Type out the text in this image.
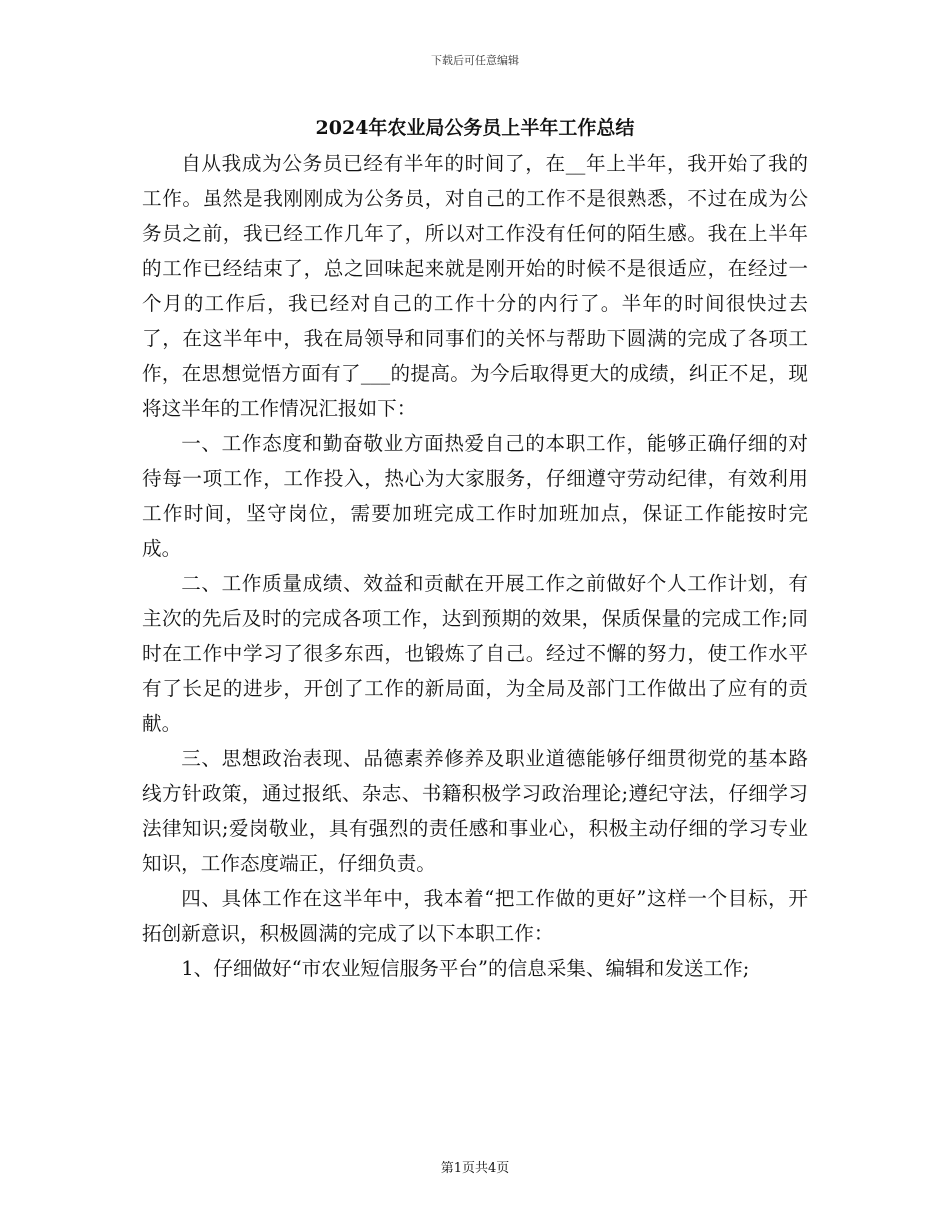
下载后可任意编辑
2024年农业局公务员上半年工作总结

自从我成为公务员已经有半年的时间了，在__年上半年，我开始了我的工作。虽然是我刚刚成为公务员，对自己的工作不是很熟悉，不过在成为公务员之前，我已经工作几年了，所以对工作没有任何的陌生感。我在上半年的工作已经结束了，总之回味起来就是刚开始的时候不是很适应，在经过一个月的工作后，我已经对自己的工作十分的内行了。半年的时间很快过去了，在这半年中，我在局领导和同事们的关怀与帮助下圆满的完成了各项工作，在思想觉悟方面有了___的提高。为今后取得更大的成绩，纠正不足，现将这半年的工作情况汇报如下：

一、工作态度和勤奋敬业方面热爱自己的本职工作，能够正确仔细的对待每一项工作，工作投入，热心为大家服务，仔细遵守劳动纪律，有效利用工作时间，坚守岗位，需要加班完成工作时加班加点，保证工作能按时完成。

二、工作质量成绩、效益和贡献在开展工作之前做好个人工作计划，有主次的先后及时的完成各项工作，达到预期的效果，保质保量的完成工作;同时在工作中学习了很多东西，也锻炼了自己。经过不懈的努力，使工作水平有了长足的进步，开创了工作的新局面，为全局及部门工作做出了应有的贡献。

三、思想政治表现、品德素养修养及职业道德能够仔细贯彻党的基本路线方针政策，通过报纸、杂志、书籍积极学习政治理论;遵纪守法，仔细学习法律知识;爱岗敬业，具有强烈的责任感和事业心，积极主动仔细的学习专业知识，工作态度端正，仔细负责。

四、具体工作在这半年中，我本着“把工作做的更好”这样一个目标，开拓创新意识，积极圆满的完成了以下本职工作：

1、仔细做好“市农业短信服务平台”的信息采集、编辑和发送工作;

第1页共4页
